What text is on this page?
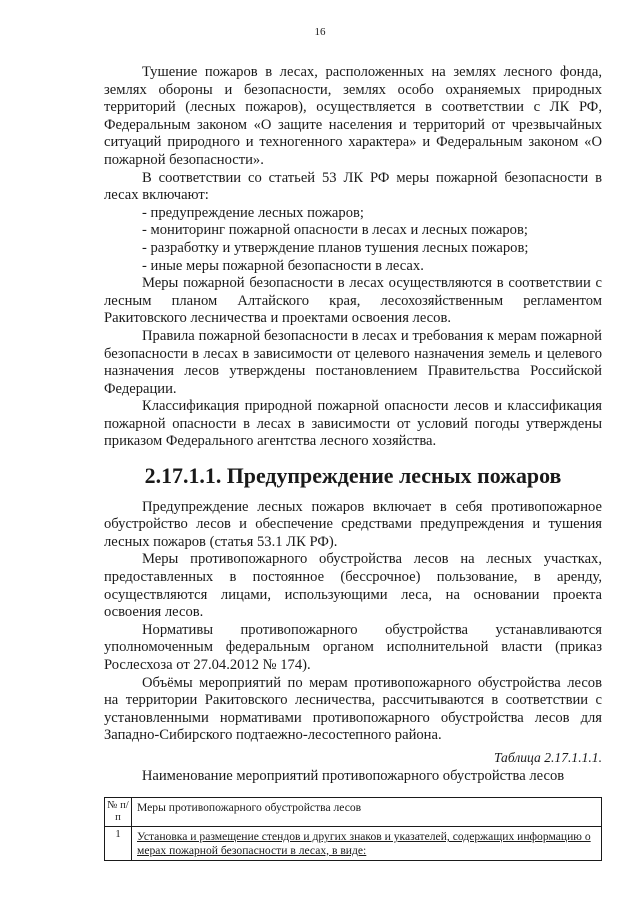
16

Тушение пожаров в лесах, расположенных на землях лесного фонда, землях обороны и безопасности, землях особо охраняемых природных территорий (лесных пожаров), осуществляется в соответствии с ЛК РФ, Федеральным законом «О защите населения и территорий от чрезвычайных ситуаций природного и техногенного характера» и Федеральным законом «О пожарной безопасности».

В соответствии со статьей 53 ЛК РФ меры пожарной безопасности в лесах включают:

- предупреждение лесных пожаров;

- мониторинг пожарной опасности в лесах и лесных пожаров;

- разработку и утверждение планов тушения лесных пожаров;

- иные меры пожарной безопасности в лесах.

Меры пожарной безопасности в лесах осуществляются в соответствии с лесным планом Алтайского края, лесохозяйственным регламентом Ракитовского лесничества и проектами освоения лесов.

Правила пожарной безопасности в лесах и требования к мерам пожарной безопасности в лесах в зависимости от целевого назначения земель и целевого назначения лесов утверждены постановлением Правительства Российской Федерации.

Классификация природной пожарной опасности лесов и классификация пожарной опасности в лесах в зависимости от условий погоды утверждены приказом Федерального агентства лесного хозяйства.

2.17.1.1. Предупреждение лесных пожаров

Предупреждение лесных пожаров включает в себя противопожарное обустройство лесов и обеспечение средствами предупреждения и тушения лесных пожаров (статья 53.1 ЛК РФ).

Меры противопожарного обустройства лесов на лесных участках, предоставленных в постоянное (бессрочное) пользование, в аренду, осуществляются лицами, использующими леса, на основании проекта освоения лесов.

Нормативы противопожарного обустройства устанавливаются уполномоченным федеральным органом исполнительной власти (приказ Рослесхоза от 27.04.2012 № 174).

Объёмы мероприятий по мерам противопожарного обустройства лесов на территории Ракитовского лесничества, рассчитываются в соответствии с установленными нормативами противопожарного обустройства лесов для Западно-Сибирского подтаежно-лесостепного района.

Таблица 2.17.1.1.1.

Наименование мероприятий противопожарного обустройства лесов

№ п/п	Меры противопожарного обустройства лесов
1	Установка и размещение стендов и других знаков и указателей, содержащих информацию о мерах пожарной безопасности в лесах, в виде:
